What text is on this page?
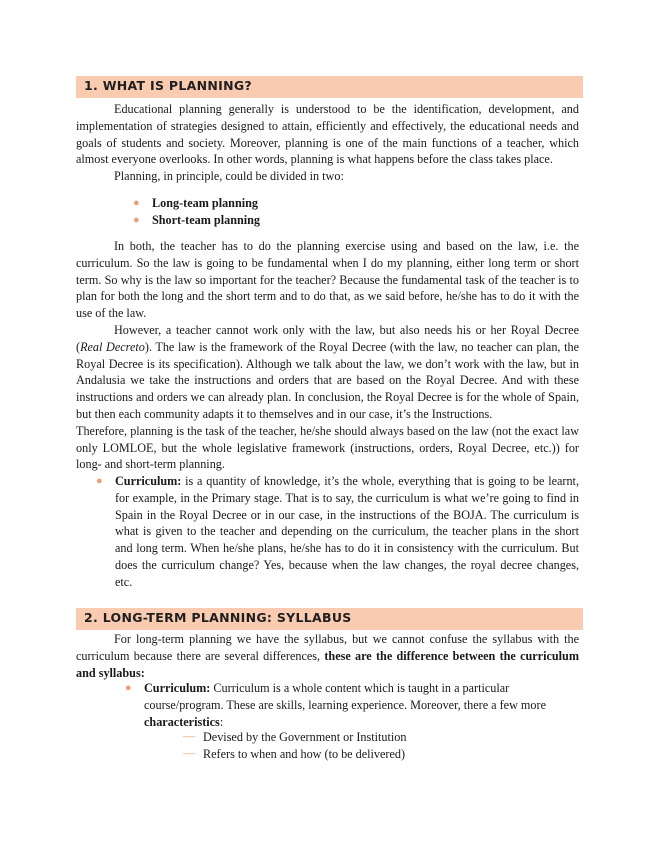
1. WHAT IS PLANNING?

Educational planning generally is understood to be the identification, development, and implementation of strategies designed to attain, efficiently and effectively, the educational needs and goals of students and society. Moreover, planning is one of the main functions of a teacher, which almost everyone overlooks. In other words, planning is what happens before the class takes place.

Planning, in principle, could be divided in two:

● Long-team planning
● Short-team planning

In both, the teacher has to do the planning exercise using and based on the law, i.e. the curriculum. So the law is going to be fundamental when I do my planning, either long term or short term. So why is the law so important for the teacher? Because the fundamental task of the teacher is to plan for both the long and the short term and to do that, as we said before, he/she has to do it with the use of the law.

However, a teacher cannot work only with the law, but also needs his or her Royal Decree (Real Decreto). The law is the framework of the Royal Decree (with the law, no teacher can plan, the Royal Decree is its specification). Although we talk about the law, we don’t work with the law, but in Andalusia we take the instructions and orders that are based on the Royal Decree. And with these instructions and orders we can already plan. In conclusion, the Royal Decree is for the whole of Spain, but then each community adapts it to themselves and in our case, it’s the Instructions.

Therefore, planning is the task of the teacher, he/she should always based on the law (not the exact law only LOMLOE, but the whole legislative framework (instructions, orders, Royal Decree, etc.)) for long- and short-term planning.

● Curriculum: is a quantity of knowledge, it’s the whole, everything that is going to be learnt, for example, in the Primary stage. That is to say, the curriculum is what we’re going to find in Spain in the Royal Decree or in our case, in the instructions of the BOJA. The curriculum is what is given to the teacher and depending on the curriculum, the teacher plans in the short and long term. When he/she plans, he/she has to do it in consistency with the curriculum. But does the curriculum change? Yes, because when the law changes, the royal decree changes, etc.

2. LONG-TERM PLANNING: SYLLABUS

For long-term planning we have the syllabus, but we cannot confuse the syllabus with the curriculum because there are several differences, these are the difference between the curriculum and syllabus:

● Curriculum: Curriculum is a whole content which is taught in a particular course/program. These are skills, learning experience. Moreover, there a few more characteristics:

— Devised by the Government or Institution
— Refers to when and how (to be delivered)
